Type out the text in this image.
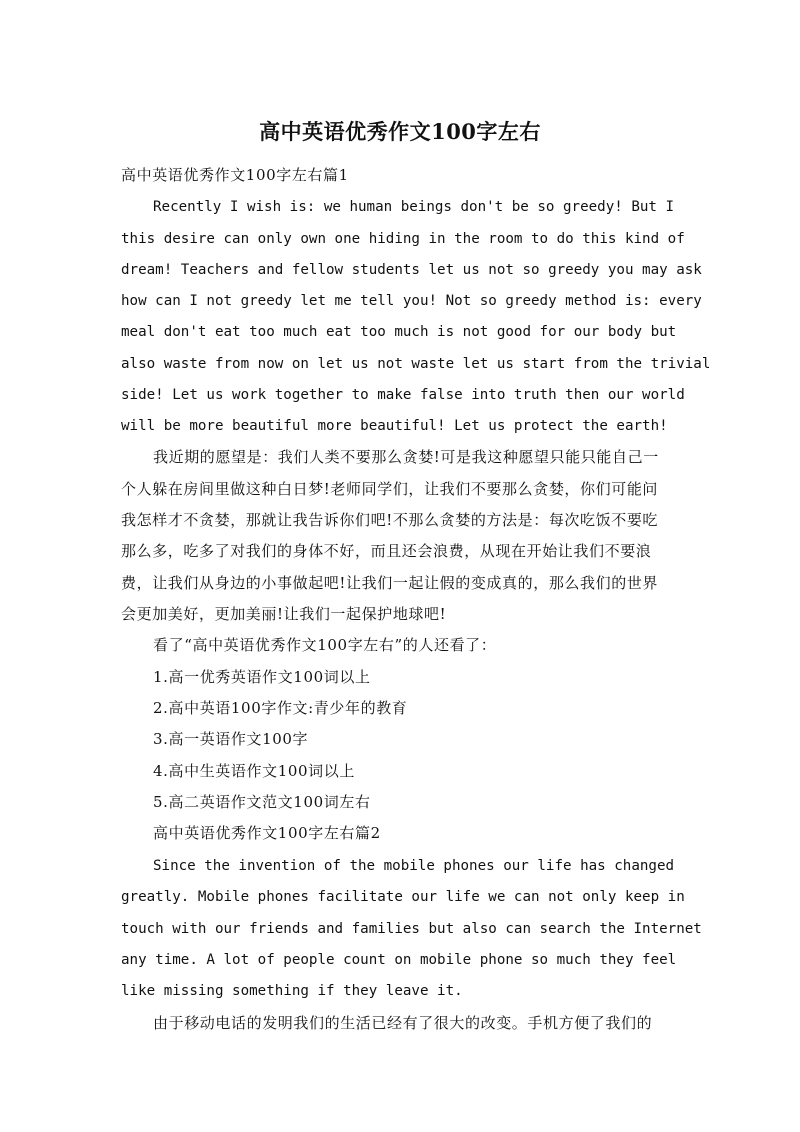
高中英语优秀作文100字左右
高中英语优秀作文100字左右篇1
Recently I wish is: we human beings don't be so greedy! But I
this desire can only own one hiding in the room to do this kind of
dream! Teachers and fellow students let us not so greedy you may ask
how can I not greedy let me tell you! Not so greedy method is: every
meal don't eat too much eat too much is not good for our body but
also waste from now on let us not waste let us start from the trivial
side! Let us work together to make false into truth then our world
will be more beautiful more beautiful! Let us protect the earth!
我近期的愿望是：我们人类不要那么贪婪!可是我这种愿望只能只能自己一
个人躲在房间里做这种白日梦!老师同学们，让我们不要那么贪婪，你们可能问
我怎样才不贪婪，那就让我告诉你们吧!不那么贪婪的方法是：每次吃饭不要吃
那么多，吃多了对我们的身体不好，而且还会浪费，从现在开始让我们不要浪
费，让我们从身边的小事做起吧!让我们一起让假的变成真的，那么我们的世界
会更加美好，更加美丽!让我们一起保护地球吧!
看了“高中英语优秀作文100字左右”的人还看了：
1.高一优秀英语作文100词以上
2.高中英语100字作文:青少年的教育
3.高一英语作文100字
4.高中生英语作文100词以上
5.高二英语作文范文100词左右
高中英语优秀作文100字左右篇2
Since the invention of the mobile phones our life has changed
greatly. Mobile phones facilitate our life we can not only keep in
touch with our friends and families but also can search the Internet
any time. A lot of people count on mobile phone so much they feel
like missing something if they leave it.
由于移动电话的发明我们的生活已经有了很大的改变。手机方便了我们的
